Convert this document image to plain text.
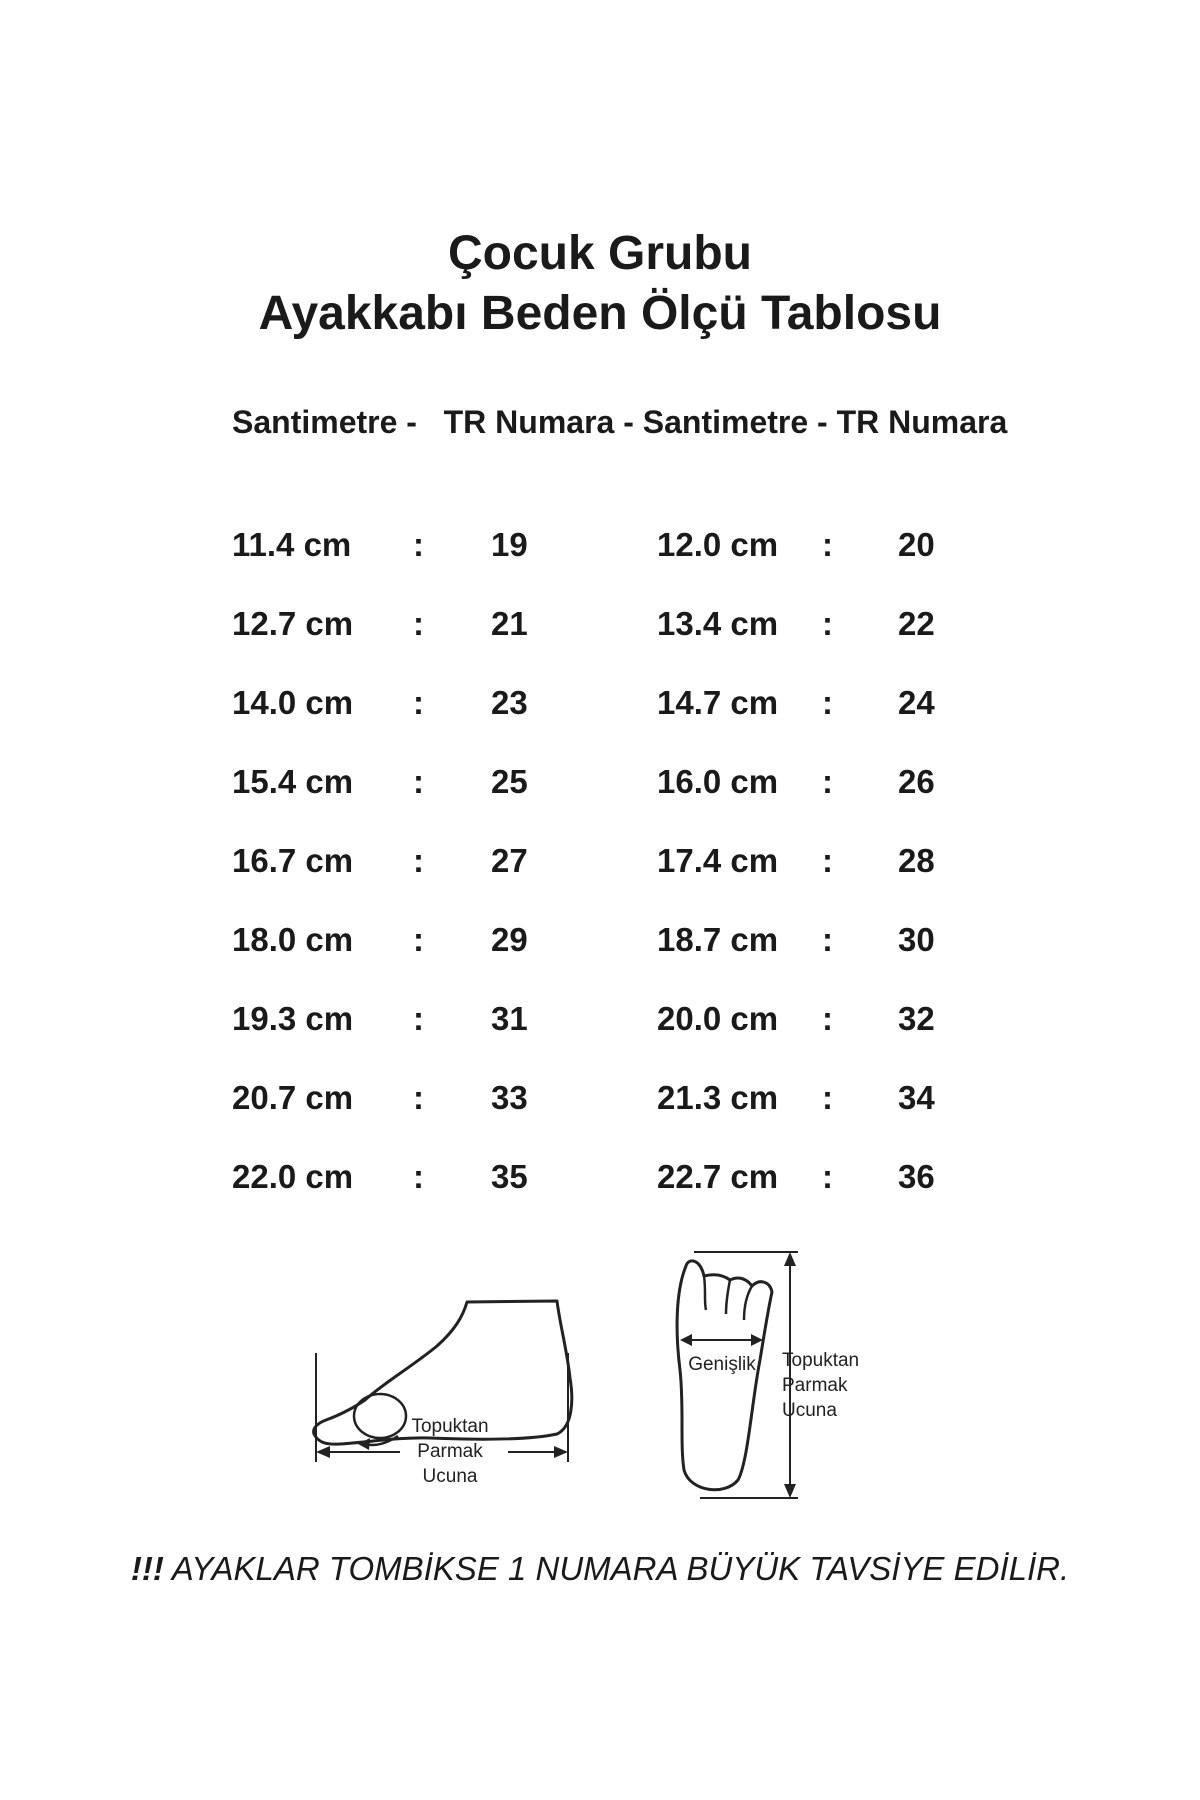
Çocuk Grubu
Ayakkabı Beden Ölçü Tablosu
Santimetre -   TR Numara - Santimetre - TR Numara
11.4 cm : 19	12.0 cm : 20
12.7 cm : 21	13.4 cm : 22
14.0 cm : 23	14.7 cm : 24
15.4 cm : 25	16.0 cm : 26
16.7 cm : 27	17.4 cm : 28
18.0 cm : 29	18.7 cm : 30
19.3 cm : 31	20.0 cm : 32
20.7 cm : 33	21.3 cm : 34
22.0 cm : 35	22.7 cm : 36
Topuktan
Parmak
Ucuna
Genişlik Topuktan
Parmak
Ucuna
!!! AYAKLAR TOMBİKSE 1 NUMARA BÜYÜK TAVSİYE EDİLİR.
